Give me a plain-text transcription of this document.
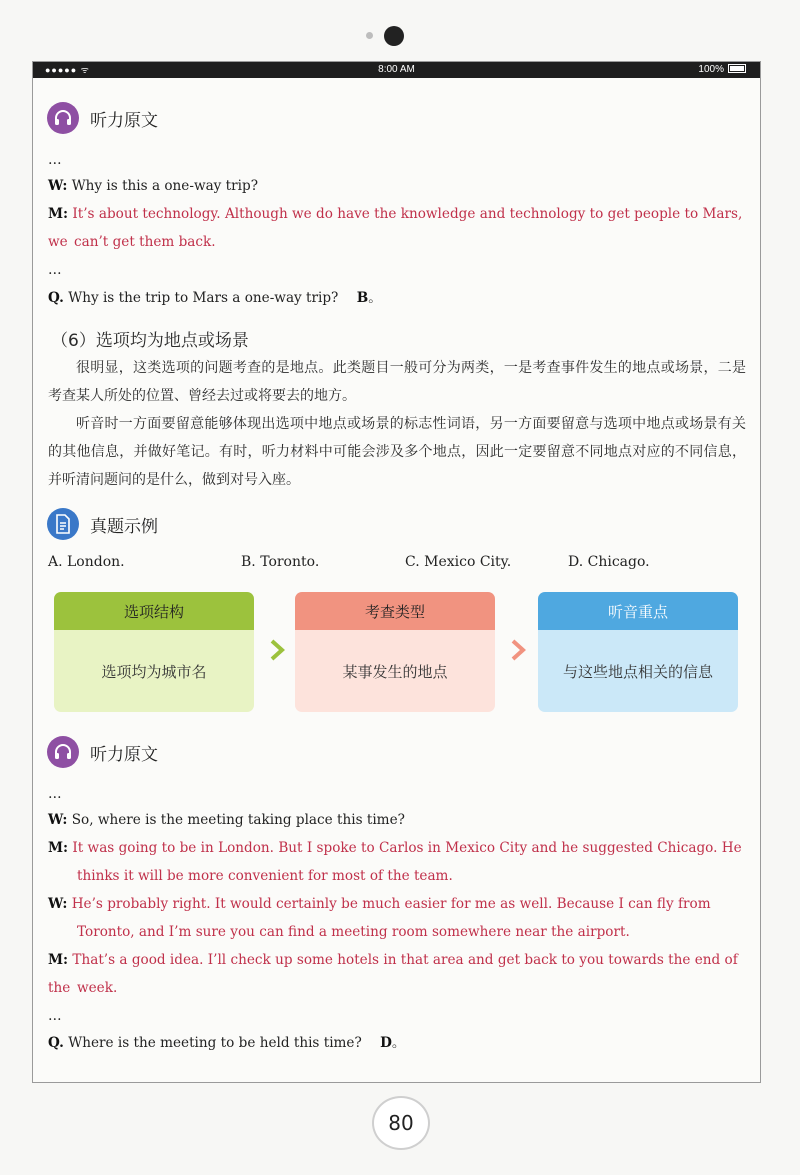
●●●●● ᯤ	8:00 AM	100%
听力原文
…
W: Why is this a one-way trip?
M: It’s about technology. Although we do have the knowledge and technology to get people to Mars, we can’t get them back.
…
Q. Why is the trip to Mars a one-way trip? B。
（6）选项均为地点或场景
很明显，这类选项的问题考查的是地点。此类题目一般可分为两类，一是考查事件发生的地点或场景，二是考查某人所处的位置、曾经去过或将要去的地方。
听音时一方面要留意能够体现出选项中地点或场景的标志性词语，另一方面要留意与选项中地点或场景有关的其他信息，并做好笔记。有时，听力材料中可能会涉及多个地点，因此一定要留意不同地点对应的不同信息，并听清问题问的是什么，做到对号入座。
真题示例
A. London.	B. Toronto.	C. Mexico City.	D. Chicago.
选项结构
选项均为城市名
考查类型
某事发生的地点
听音重点
与这些地点相关的信息
听力原文
…
W: So, where is the meeting taking place this time?
M: It was going to be in London. But I spoke to Carlos in Mexico City and he suggested Chicago. He
thinks it will be more convenient for most of the team.
W: He’s probably right. It would certainly be much easier for me as well. Because I can fly from
Toronto, and I’m sure you can find a meeting room somewhere near the airport.
M: That’s a good idea. I’ll check up some hotels in that area and get back to you towards the end of the week.
…
Q. Where is the meeting to be held this time? D。
80
